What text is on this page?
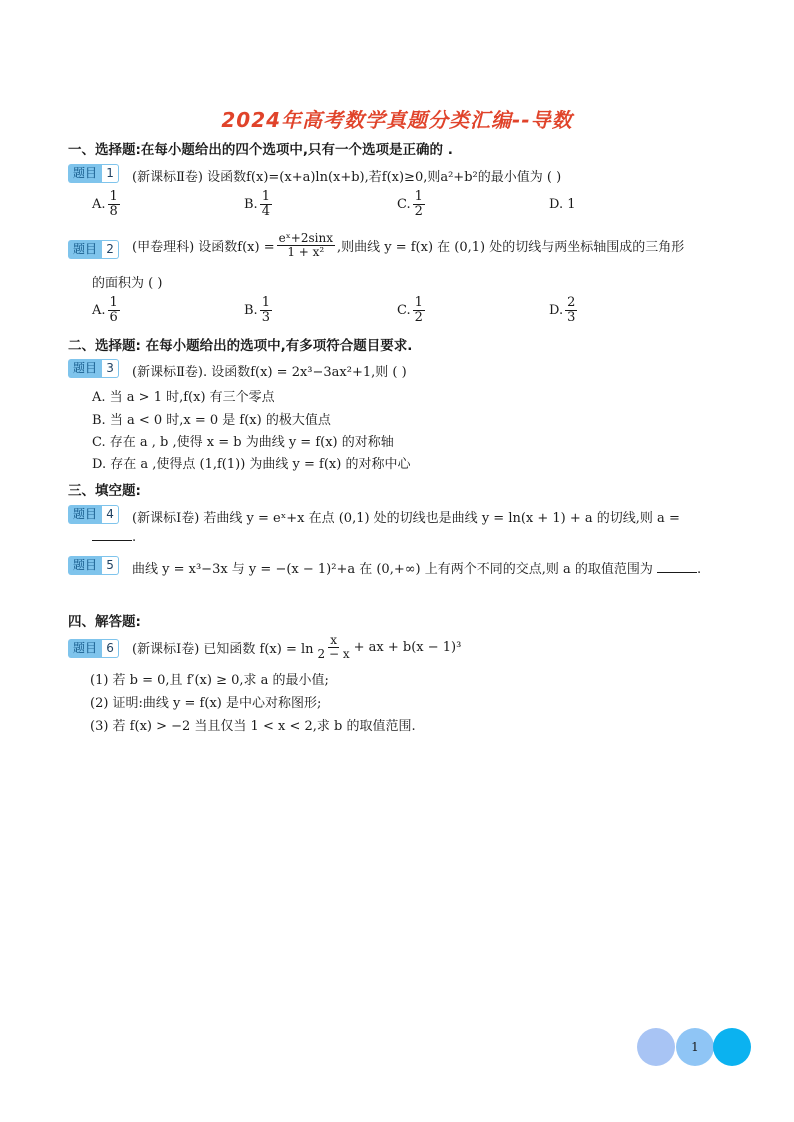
2024年高考数学真题分类汇编--导数
一、选择题:在每小题给出的四个选项中,只有一个选项是正确的 .
题目 1	(新课标Ⅱ卷) 设函数f(x)=(x+a)ln(x+b),若f(x)≥0,则a²+b²的最小值为 ( )
A. $\frac{1}{8}$	B. $\frac{1}{4}$	C. $\frac{1}{2}$	D. 1
题目 2	(甲卷理科) 设函数$f(x) = \frac{\text{eˣ+2sinx}}{\text{1 + x²}}$ ,则曲线 y = f(x) 在 (0,1) 处的切线与两坐标轴围成的三角形
的面积为 ( )
A. $\frac{1}{6}$	B. $\frac{1}{3}$	C. $\frac{1}{2}$	D. $\frac{2}{3}$
二、选择题: 在每小题给出的选项中,有多项符合题目要求.
题目 3	(新课标Ⅱ卷). 设函数f(x) = 2x³−3ax²+1,则 ( )
A. 当 a > 1 时,f(x) 有三个零点
B. 当 a < 0 时,x = 0 是 f(x) 的极大值点
C. 存在 a , b ,使得 x = b 为曲线 y = f(x) 的对称轴
D. 存在 a ,使得点 (1,f(1)) 为曲线 y = f(x) 的对称中心
三、填空题:
题目 4	(新课标Ⅰ卷) 若曲线 y = eˣ+x 在点 (0,1) 处的切线也是曲线 y = ln(x + 1) + a 的切线,则 a =
.
题目 5	曲线 y = x³−3x 与 y = −(x − 1)²+a 在 (0,+∞) 上有两个不同的交点,则 a 的取值范围为	.
四、解答题:
题目 6	(新课标Ⅰ卷) 已知函数 $f(x) = \ln \frac{x}{2 - x}$ + ax + b(x − 1)³
(1) 若 b = 0,且 f′(x) ≥ 0,求 a 的最小值;
(2) 证明:曲线 y = f(x) 是中心对称图形;
(3) 若 f(x) > −2 当且仅当 1 < x < 2,求 b 的取值范围.
1
